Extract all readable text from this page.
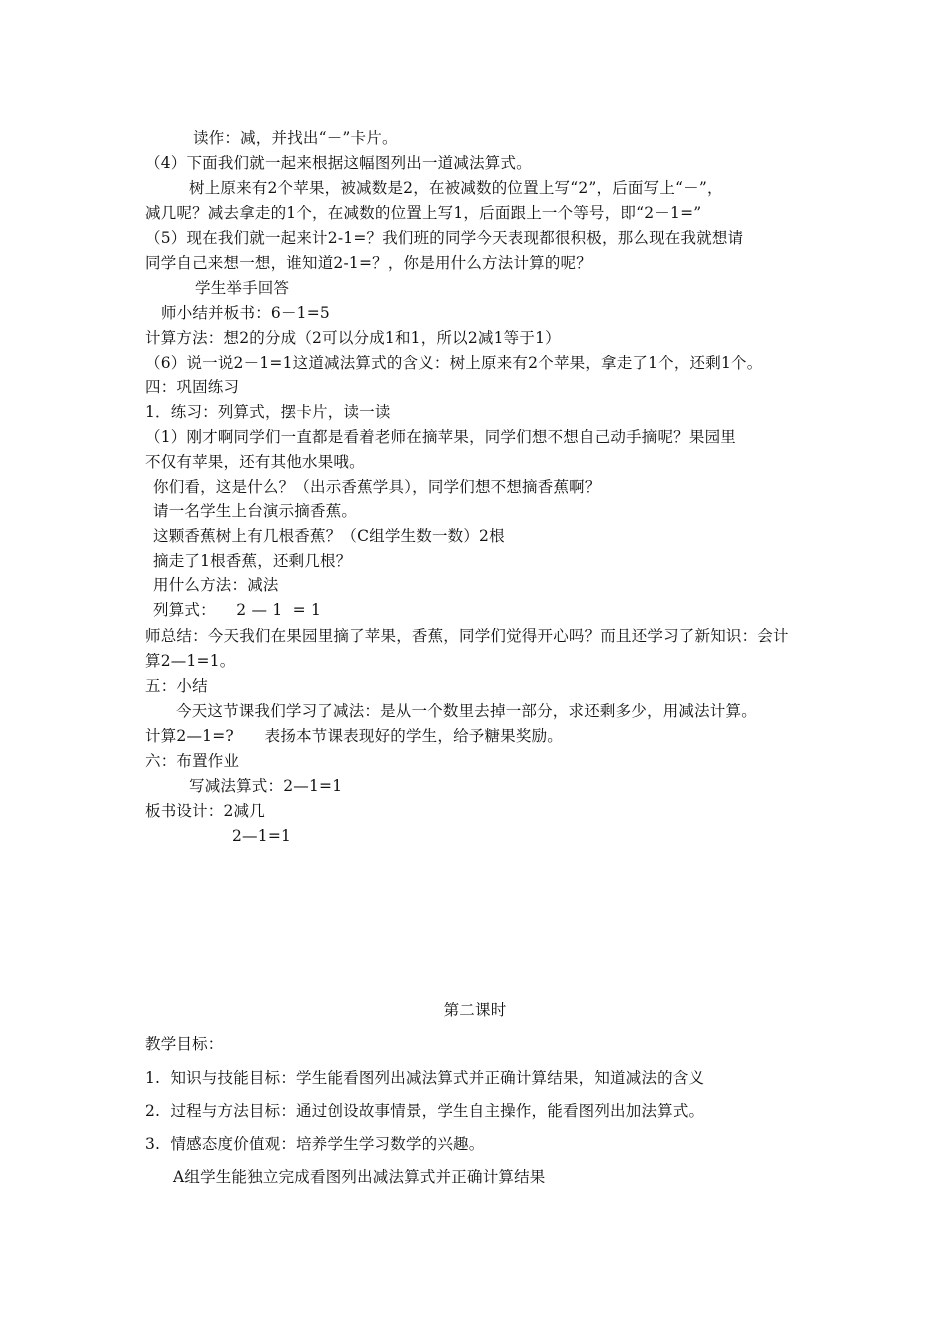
读作：减，并找出“－”卡片。
（4）下面我们就一起来根据这幅图列出一道减法算式。
树上原来有2个苹果，被减数是2，在被减数的位置上写“2”，后面写上“－”，
减几呢？减去拿走的1个，在减数的位置上写1，后面跟上一个等号，即“2－1=”
（5）现在我们就一起来计2-1=？我们班的同学今天表现都很积极，那么现在我就想请
同学自己来想一想，谁知道2-1=？，你是用什么方法计算的呢？
学生举手回答
师小结并板书：6－1=5
计算方法：想2的分成（2可以分成1和1，所以2减1等于1）
（6）说一说2－1=1这道减法算式的含义：树上原来有2个苹果，拿走了1个，还剩1个。
四：巩固练习
1．练习：列算式，摆卡片，读一读
（1）刚才啊同学们一直都是看着老师在摘苹果，同学们想不想自己动手摘呢？果园里
不仅有苹果，还有其他水果哦。
你们看，这是什么？（出示香蕉学具），同学们想不想摘香蕉啊？
请一名学生上台演示摘香蕉。
这颗香蕉树上有几根香蕉？（C组学生数一数）2根
摘走了1根香蕉，还剩几根？
用什么方法：减法
列算式：    2 — 1  = 1
师总结：今天我们在果园里摘了苹果，香蕉，同学们觉得开心吗？而且还学习了新知识：会计
算2—1=1。
五：小结
今天这节课我们学习了减法：是从一个数里去掉一部分，求还剩多少，用减法计算。
计算2—1=?      表扬本节课表现好的学生，给予糖果奖励。
六：布置作业
写减法算式：2—1=1
板书设计：2减几
2—1=1
第二课时
教学目标：
1.  知识与技能目标：学生能看图列出减法算式并正确计算结果，知道减法的含义
2.  过程与方法目标：通过创设故事情景，学生自主操作，能看图列出加法算式。
3.  情感态度价值观：培养学生学习数学的兴趣。
A组学生能独立完成看图列出减法算式并正确计算结果
